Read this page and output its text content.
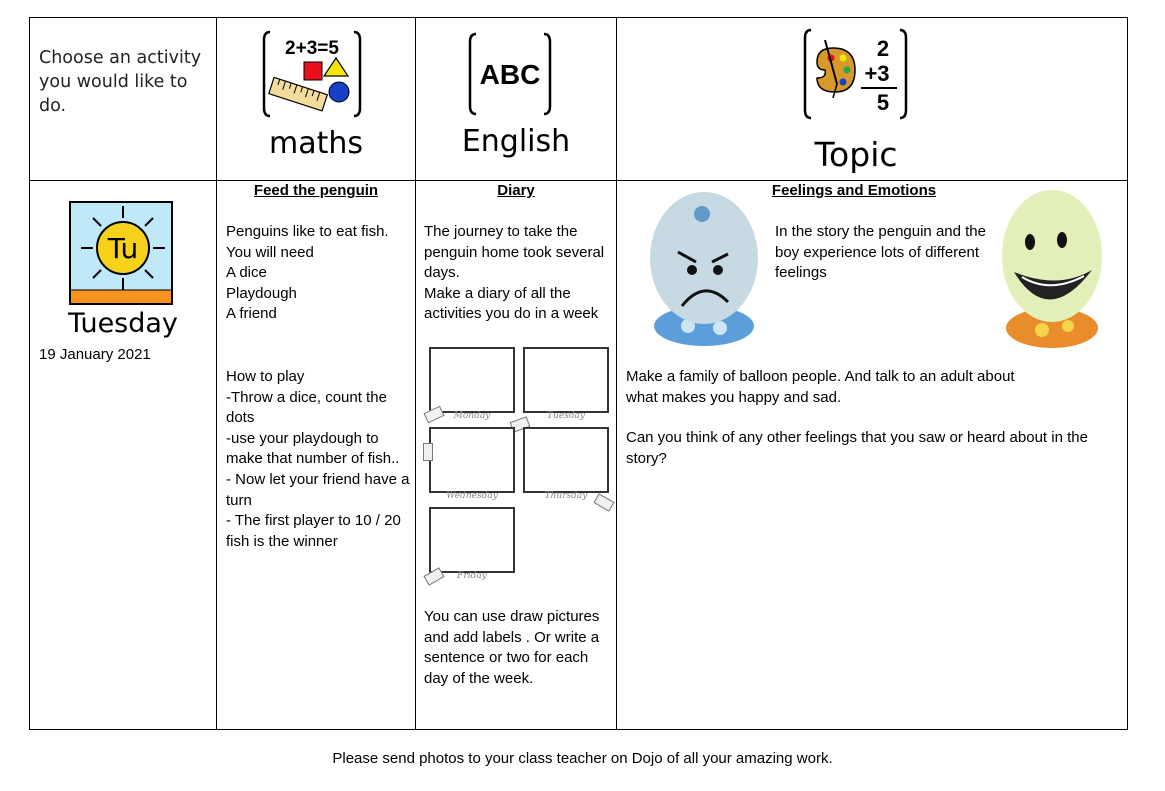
Choose an activity you would like to do.
2+3=5
maths
ABC
English
2
+3
5
Topic
Tu
Tuesday
19 January 2021
Feed the penguin
Penguins like to eat fish.
You will need
A dice
Playdough
A friend
How to play
-Throw a dice, count the dots
-use your playdough to make that number of fish..
- Now let your friend have a turn
- The first player to 10 / 20 fish is the winner
Diary
The journey to take the penguin home took several days.
Make a diary of all the activities you do in a week
Monday	Tuesday
Wednesday	Thursday
Friday
You can use draw pictures and add labels . Or write a sentence or two for each day of the week.
Feelings and Emotions
In the story the penguin and the boy experience lots of different feelings
Make a family of balloon people. And talk to an adult about what makes you happy and sad.
Can you think of any other feelings that you saw or heard about in the story?
Please send photos to your class teacher on Dojo of all your amazing work.
